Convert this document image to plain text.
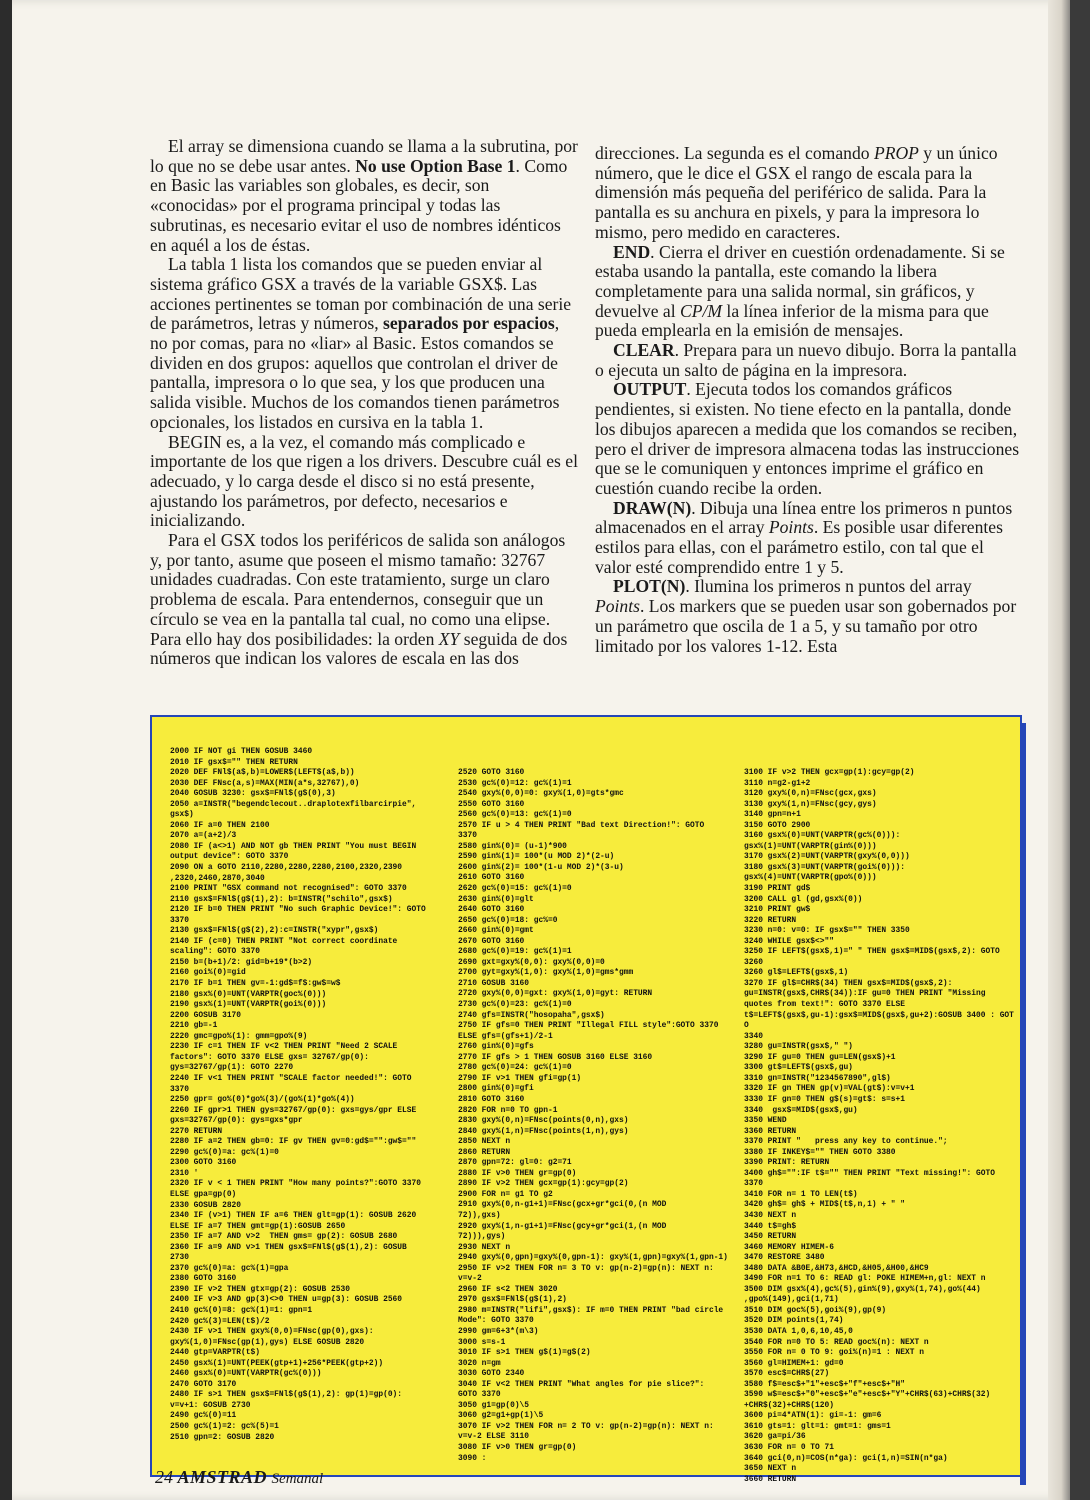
El array se dimensiona cuando se llama a la subrutina, por lo que no se debe usar antes. No use Option Base 1. Como en Basic las variables son globales, es decir, son «conocidas» por el programa principal y todas las subrutinas, es necesario evitar el uso de nombres idénticos en aquél a los de éstas.

La tabla 1 lista los comandos que se pueden enviar al sistema gráfico GSX a través de la variable GSX$. Las acciones pertinentes se toman por combinación de una serie de parámetros, letras y números, separados por espacios, no por comas, para no «liar» al Basic. Estos comandos se dividen en dos grupos: aquellos que controlan el driver de pantalla, impresora o lo que sea, y los que producen una salida visible. Muchos de los comandos tienen parámetros opcionales, los listados en cursiva en la tabla 1.

BEGIN es, a la vez, el comando más complicado e importante de los que rigen a los drivers. Descubre cuál es el adecuado, y lo carga desde el disco si no está presente, ajustando los parámetros, por defecto, necesarios e inicializando.

Para el GSX todos los periféricos de salida son análogos y, por tanto, asume que poseen el mismo tamaño: 32767 unidades cuadradas. Con este tratamiento, surge un claro problema de escala. Para entendernos, conseguir que un círculo se vea en la pantalla tal cual, no como una elipse. Para ello hay dos posibilidades: la orden XY seguida de dos números que indican los valores de escala en las dos

direcciones. La segunda es el comando PROP y un único número, que le dice el GSX el rango de escala para la dimensión más pequeña del periférico de salida. Para la pantalla es su anchura en pixels, y para la impresora lo mismo, pero medido en caracteres.

END. Cierra el driver en cuestión ordenadamente. Si se estaba usando la pantalla, este comando la libera completamente para una salida normal, sin gráficos, y devuelve al CP/M la línea inferior de la misma para que pueda emplearla en la emisión de mensajes.

CLEAR. Prepara para un nuevo dibujo. Borra la pantalla o ejecuta un salto de página en la impresora.

OUTPUT. Ejecuta todos los comandos gráficos pendientes, si existen. No tiene efecto en la pantalla, donde los dibujos aparecen a medida que los comandos se reciben, pero el driver de impresora almacena todas las instrucciones que se le comuniquen y entonces imprime el gráfico en cuestión cuando recibe la orden.

DRAW(N). Dibuja una línea entre los primeros n puntos almacenados en el array Points. Es posible usar diferentes estilos para ellas, con el parámetro estilo, con tal que el valor esté comprendido entre 1 y 5.

PLOT(N). Ilumina los primeros n puntos del array Points. Los markers que se pueden usar son gobernados por un parámetro que oscila de 1 a 5, y su tamaño por otro limitado por los valores 1-12. Esta

2000 IF NOT gi THEN GOSUB 3460
2010 IF gsx$="" THEN RETURN
2020 DEF FNl$(a$,b)=LOWER$(LEFT$(a$,b))
2030 DEF FNsc(a,s)=MAX(MIN(a*s,32767),0)
2040 GOSUB 3230: gsx$=FNl$(g$(0),3)
2050 a=INSTR("begendclecout..draplotexfilbarcirpie",
gsx$)
2060 IF a=0 THEN 2100
2070 a=(a+2)/3
2080 IF (a<>1) AND NOT gb THEN PRINT "You must BEGIN
output device": GOTO 3370
2090 ON a GOTO 2110,2280,2280,2280,2100,2320,2390
,2320,2460,2870,3040
2100 PRINT "GSX command not recognised": GOTO 3370
2110 gsx$=FNl$(g$(1),2): b=INSTR("schilo",gsx$)
2120 IF b=0 THEN PRINT "No such Graphic Device!": GOTO
3370
2130 gsx$=FNl$(g$(2),2):c=INSTR("xypr",gsx$)
2140 IF (c=0) THEN PRINT "Not correct coordinate
scaling": GOTO 3370
2150 b=(b+1)/2: gid=b+19*(b>2)
2160 goi%(0)=gid
2170 IF b=1 THEN gv=-1:gd$=f$:gw$=w$
2180 gsx%(0)=UNT(VARPTR(goc%(0)))
2190 gsx%(1)=UNT(VARPTR(goi%(0)))
2200 GOSUB 3170
2210 gb=-1
2220 gmc=gpo%(1): gmm=gpo%(9)
2230 IF c=1 THEN IF v<2 THEN PRINT "Need 2 SCALE
factors": GOTO 3370 ELSE gxs= 32767/gp(0):
gys=32767/gp(1): GOTO 2270
2240 IF v<1 THEN PRINT "SCALE factor needed!": GOTO
3370
2250 gpr= go%(0)*go%(3)/(go%(1)*go%(4))
2260 IF gpr>1 THEN gys=32767/gp(0): gxs=gys/gpr ELSE
gxs=32767/gp(0): gys=gxs*gpr
2270 RETURN
2280 IF a=2 THEN gb=0: IF gv THEN gv=0:gd$="":gw$=""
2290 gc%(0)=a: gc%(1)=0
2300 GOTO 3160
2310 '
2320 IF v < 1 THEN PRINT "How many points?":GOTO 3370
ELSE gpa=gp(0)
2330 GOSUB 2820
2340 IF (v>1) THEN IF a=6 THEN glt=gp(1): GOSUB 2620
ELSE IF a=7 THEN gmt=gp(1):GOSUB 2650
2350 IF a=7 AND v>2  THEN gms= gp(2): GOSUB 2680
2360 IF a=9 AND v>1 THEN gsx$=FNl$(g$(1),2): GOSUB
2730
2370 gc%(0)=a: gc%(1)=gpa
2380 GOTO 3160
2390 IF v>2 THEN gtx=gp(2): GOSUB 2530
2400 IF v>3 AND gp(3)<>0 THEN u=gp(3): GOSUB 2560
2410 gc%(0)=8: gc%(1)=1: gpn=1
2420 gc%(3)=LEN(t$)/2
2430 IF v>1 THEN gxy%(0,0)=FNsc(gp(0),gxs):
gxy%(1,0)=FNsc(gp(1),gys) ELSE GOSUB 2820
2440 gtp=VARPTR(t$)
2450 gsx%(1)=UNT(PEEK(gtp+1)+256*PEEK(gtp+2))
2460 gsx%(0)=UNT(VARPTR(gc%(0)))
2470 GOTO 3170
2480 IF s>1 THEN gsx$=FNl$(g$(1),2): gp(1)=gp(0):
v=v+1: GOSUB 2730
2490 gc%(0)=11
2500 gc%(1)=2: gc%(5)=1
2510 gpn=2: GOSUB 2820
2520 GOTO 3160
2530 gc%(0)=12: gc%(1)=1
2540 gxy%(0,0)=0: gxy%(1,0)=gts*gmc
2550 GOTO 3160
2560 gc%(0)=13: gc%(1)=0
2570 IF u > 4 THEN PRINT "Bad text Direction!": GOTO
3370
2580 gin%(0)= (u-1)*900
2590 gin%(1)= 100*(u MOD 2)*(2-u)
2600 gin%(2)= 100*(1-u MOD 2)*(3-u)
2610 GOTO 3160
2620 gc%(0)=15: gc%(1)=0
2630 gin%(0)=glt
2640 GOTO 3160
2650 gc%(0)=18: gc%=0
2660 gin%(0)=gmt
2670 GOTO 3160
2680 gc%(0)=19: gc%(1)=1
2690 gxt=gxy%(0,0): gxy%(0,0)=0
2700 gyt=gxy%(1,0): gxy%(1,0)=gms*gmm
2710 GOSUB 3160
2720 gxy%(0,0)=gxt: gxy%(1,0)=gyt: RETURN
2730 gc%(0)=23: gc%(1)=0
2740 gfs=INSTR("hosopaha",gsx$)
2750 IF gfs=0 THEN PRINT "Illegal FILL style":GOTO 3370
ELSE gfs=(gfs+1)/2-1
2760 gin%(0)=gfs
2770 IF gfs > 1 THEN GOSUB 3160 ELSE 3160
2780 gc%(0)=24: gc%(1)=0
2790 IF v>1 THEN gfi=gp(1)
2800 gin%(0)=gfi
2810 GOTO 3160
2820 FOR n=0 TO gpn-1
2830 gxy%(0,n)=FNsc(points(0,n),gxs)
2840 gxy%(1,n)=FNsc(points(1,n),gys)
2850 NEXT n
2860 RETURN
2870 gpn=72: gl=0: g2=71
2880 IF v>0 THEN gr=gp(0)
2890 IF v>2 THEN gcx=gp(1):gcy=gp(2)
2900 FOR n= g1 TO g2
2910 gxy%(0,n-g1+1)=FNsc(gcx+gr*gci(0,(n MOD
72)),gxs)
2920 gxy%(1,n-g1+1)=FNsc(gcy+gr*gci(1,(n MOD
72))),gys)
2930 NEXT n
2940 gxy%(0,gpn)=gxy%(0,gpn-1): gxy%(1,gpn)=gxy%(1,gpn-1)
2950 IF v>2 THEN FOR n= 3 TO v: gp(n-2)=gp(n): NEXT n:
v=v-2
2960 IF s<2 THEN 3020
2970 gsx$=FNl$(g$(1),2)
2980 m=INSTR("lifi",gsx$): IF m=0 THEN PRINT "bad circle
Mode": GOTO 3370
2990 gm=6+3*(m\3)
3000 s=s-1
3010 IF s>1 THEN g$(1)=g$(2)
3020 n=gm
3030 GOTO 2340
3040 IF v<2 THEN PRINT "What angles for pie slice?":
GOTO 3370
3050 g1=gp(0)\5
3060 g2=g1+gp(1)\5
3070 IF v>2 THEN FOR n= 2 TO v: gp(n-2)=gp(n): NEXT n:
v=v-2 ELSE 3110
3080 IF v>0 THEN gr=gp(0)
3090 :
3100 IF v>2 THEN gcx=gp(1):gcy=gp(2)
3110 n=g2-g1+2
3120 gxy%(0,n)=FNsc(gcx,gxs)
3130 gxy%(1,n)=FNsc(gcy,gys)
3140 gpn=n+1
3150 GOTO 2900
3160 gsx%(0)=UNT(VARPTR(gc%(0))):
gsx%(1)=UNT(VARPTR(gin%(0)))
3170 gsx%(2)=UNT(VARPTR(gxy%(0,0)))
3180 gsx%(3)=UNT(VARPTR(goi%(0))):
gsx%(4)=UNT(VARPTR(gpo%(0)))
3190 PRINT gd$
3200 CALL gl (gd,gsx%(0))
3210 PRINT gw$
3220 RETURN
3230 n=0: v=0: IF gsx$="" THEN 3350
3240 WHILE gsx$<>""
3250 IF LEFT$(gsx$,1)=" " THEN gsx$=MID$(gsx$,2): GOTO
3260
3260 gl$=LEFT$(gsx$,1)
3270 IF gl$=CHR$(34) THEN gsx$=MID$(gsx$,2):
gu=INSTR(gsx$,CHR$(34)):IF gu=0 THEN PRINT "Missing
quotes from text!": GOTO 3370 ELSE
t$=LEFT$(gsx$,gu-1):gsx$=MID$(gsx$,gu+2):GOSUB 3400 : GOTO
3340
3280 gu=INSTR(gsx$," ")
3290 IF gu=0 THEN gu=LEN(gsx$)+1
3300 gt$=LEFT$(gsx$,gu)
3310 gn=INSTR("1234567890",gl$)
3320 IF gn THEN gp(v)=VAL(gt$):v=v+1
3330 IF gn=0 THEN g$(s)=gt$: s=s+1
3340  gsx$=MID$(gsx$,gu)
3350 WEND
3360 RETURN
3370 PRINT "   press any key to continue.";
3380 IF INKEY$="" THEN GOTO 3380
3390 PRINT: RETURN
3400 gh$="":IF t$="" THEN PRINT "Text missing!": GOTO
3370
3410 FOR n= 1 TO LEN(t$)
3420 gh$= gh$ + MID$(t$,n,1) + " "
3430 NEXT n
3440 t$=gh$
3450 RETURN
3460 MEMORY HIMEM-6
3470 RESTORE 3480
3480 DATA &B0E,&H73,&HCD,&H05,&H00,&HC9
3490 FOR n=1 TO 6: READ gl: POKE HIMEM+n,gl: NEXT n
3500 DIM gsx%(4),gc%(5),gin%(9),gxy%(1,74),go%(44)
,gpo%(149),gci(1,71)
3510 DIM goc%(5),goi%(9),gp(9)
3520 DIM points(1,74)
3530 DATA 1,0,6,10,45,0
3540 FOR n=0 TO 5: READ goc%(n): NEXT n
3550 FOR n= 0 TO 9: goi%(n)=1 : NEXT n
3560 gl=HIMEM+1: gd=0
3570 esc$=CHR$(27)
3580 f$=esc$+"1"+esc$+"f"+esc$+"H"
3590 w$=esc$+"0"+esc$+"e"+esc$+"Y"+CHR$(63)+CHR$(32)
+CHR$(32)+CHR$(120)
3600 pi=4*ATN(1): gi=-1: gm=6
3610 gts=1: glt=1: gmt=1: gms=1
3620 ga=pi/36
3630 FOR n= 0 TO 71
3640 gci(0,n)=COS(n*ga): gci(1,n)=SIN(n*ga)
3650 NEXT n
3660 RETURN
24 AMSTRAD Semanal
